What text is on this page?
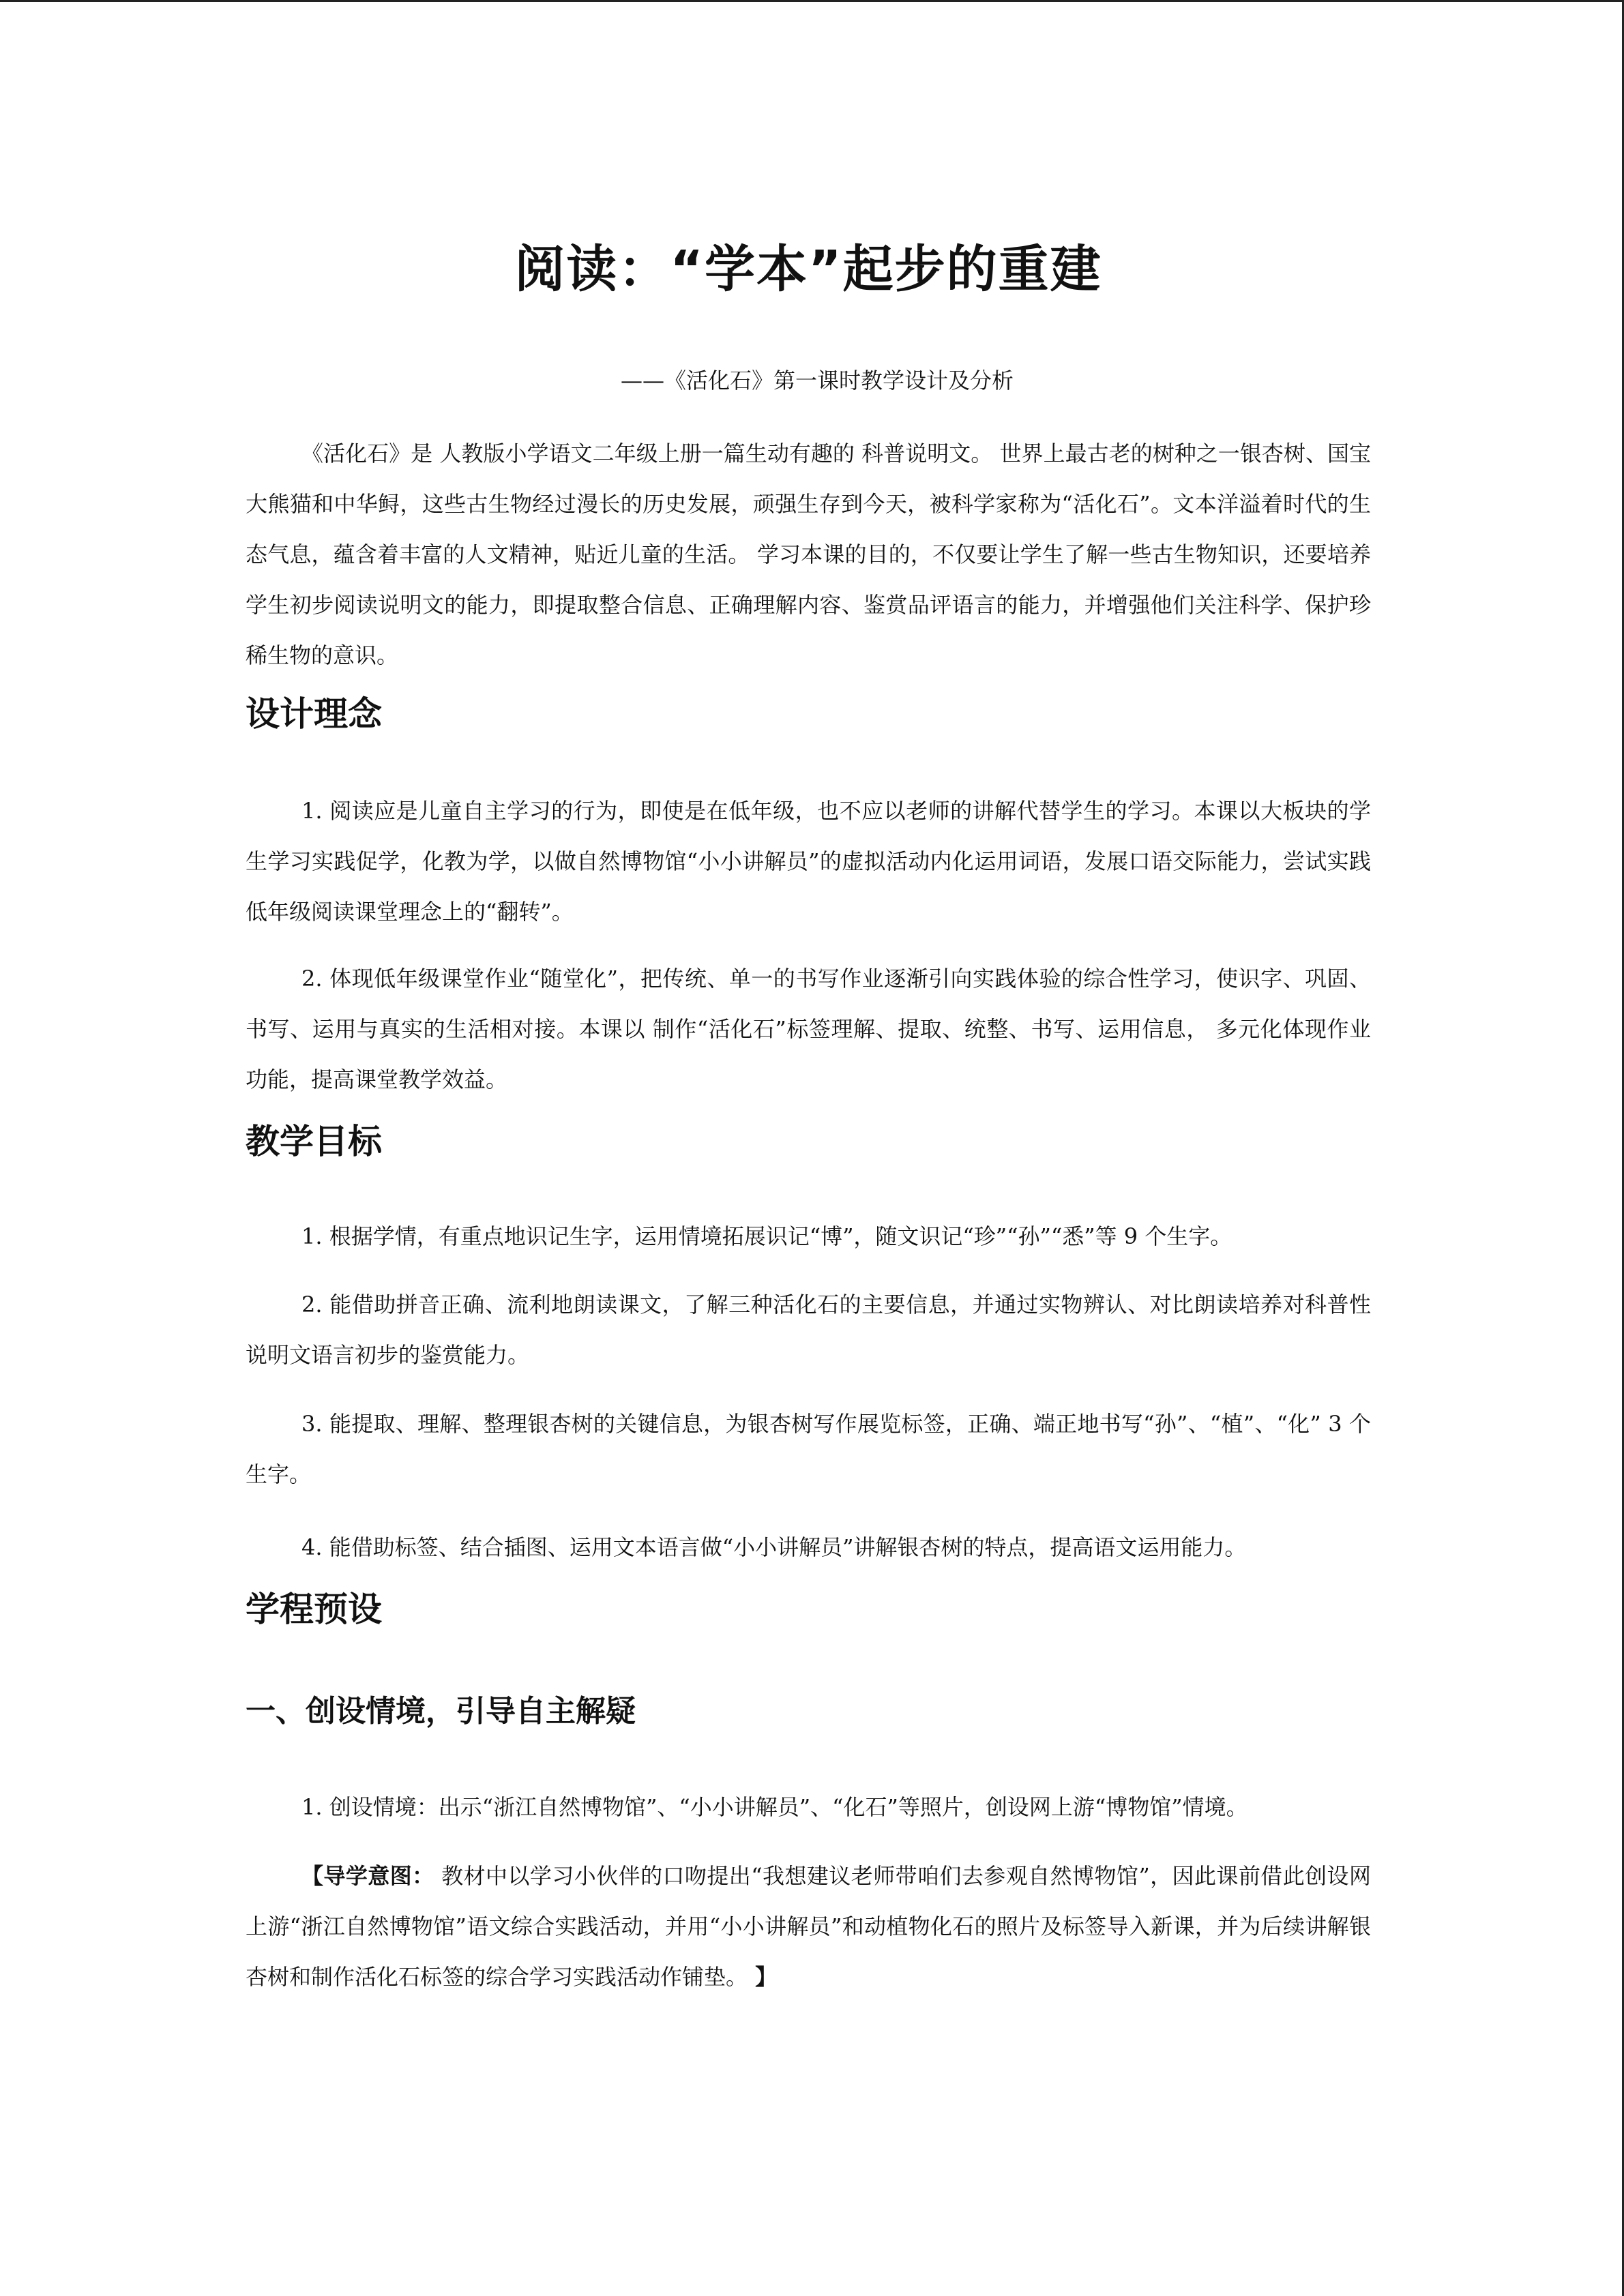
阅读：“学本”起步的重建
——《活化石》第一课时教学设计及分析

《活化石》是 人教版小学语文二年级上册一篇生动有趣的 科普说明文。 世界上最古老的树种之一银杏树、国宝大熊猫和中华鲟，这些古生物经过漫长的历史发展，顽强生存到今天，被科学家称为“活化石”。文本洋溢着时代的生态气息，蕴含着丰富的人文精神，贴近儿童的生活。 学习本课的目的，不仅要让学生了解一些古生物知识，还要培养学生初步阅读说明文的能力，即提取整合信息、正确理解内容、鉴赏品评语言的能力，并增强他们关注科学、保护珍稀生物的意识。

设计理念

1. 阅读应是儿童自主学习的行为，即使是在低年级，也不应以老师的讲解代替学生的学习。本课以大板块的学生学习实践促学，化教为学，以做自然博物馆“小小讲解员”的虚拟活动内化运用词语，发展口语交际能力，尝试实践低年级阅读课堂理念上的“翻转”。

2. 体现低年级课堂作业“随堂化”，把传统、单一的书写作业逐渐引向实践体验的综合性学习，使识字、巩固、书写、运用与真实的生活相对接。本课以 制作“活化石”标签理解、提取、统整、书写、运用信息， 多元化体现作业功能，提高课堂教学效益。

教学目标

1. 根据学情，有重点地识记生字，运用情境拓展识记“博”，随文识记“珍”“孙”“悉”等 9 个生字。

2. 能借助拼音正确、流利地朗读课文，了解三种活化石的主要信息，并通过实物辨认、对比朗读培养对科普性说明文语言初步的鉴赏能力。

3. 能提取、理解、整理银杏树的关键信息，为银杏树写作展览标签，正确、端正地书写“孙”、“植”、“化” 3 个生字。

4. 能借助标签、结合插图、运用文本语言做“小小讲解员”讲解银杏树的特点，提高语文运用能力。

学程预设
一、创设情境，引导自主解疑

1. 创设情境：出示“浙江自然博物馆”、“小小讲解员”、“化石”等照片，创设网上游“博物馆”情境。

【导学意图： 教材中以学习小伙伴的口吻提出“我想建议老师带咱们去参观自然博物馆”，因此课前借此创设网上游“浙江自然博物馆”语文综合实践活动，并用“小小讲解员”和动植物化石的照片及标签导入新课，并为后续讲解银杏树和制作活化石标签的综合学习实践活动作铺垫。 】
